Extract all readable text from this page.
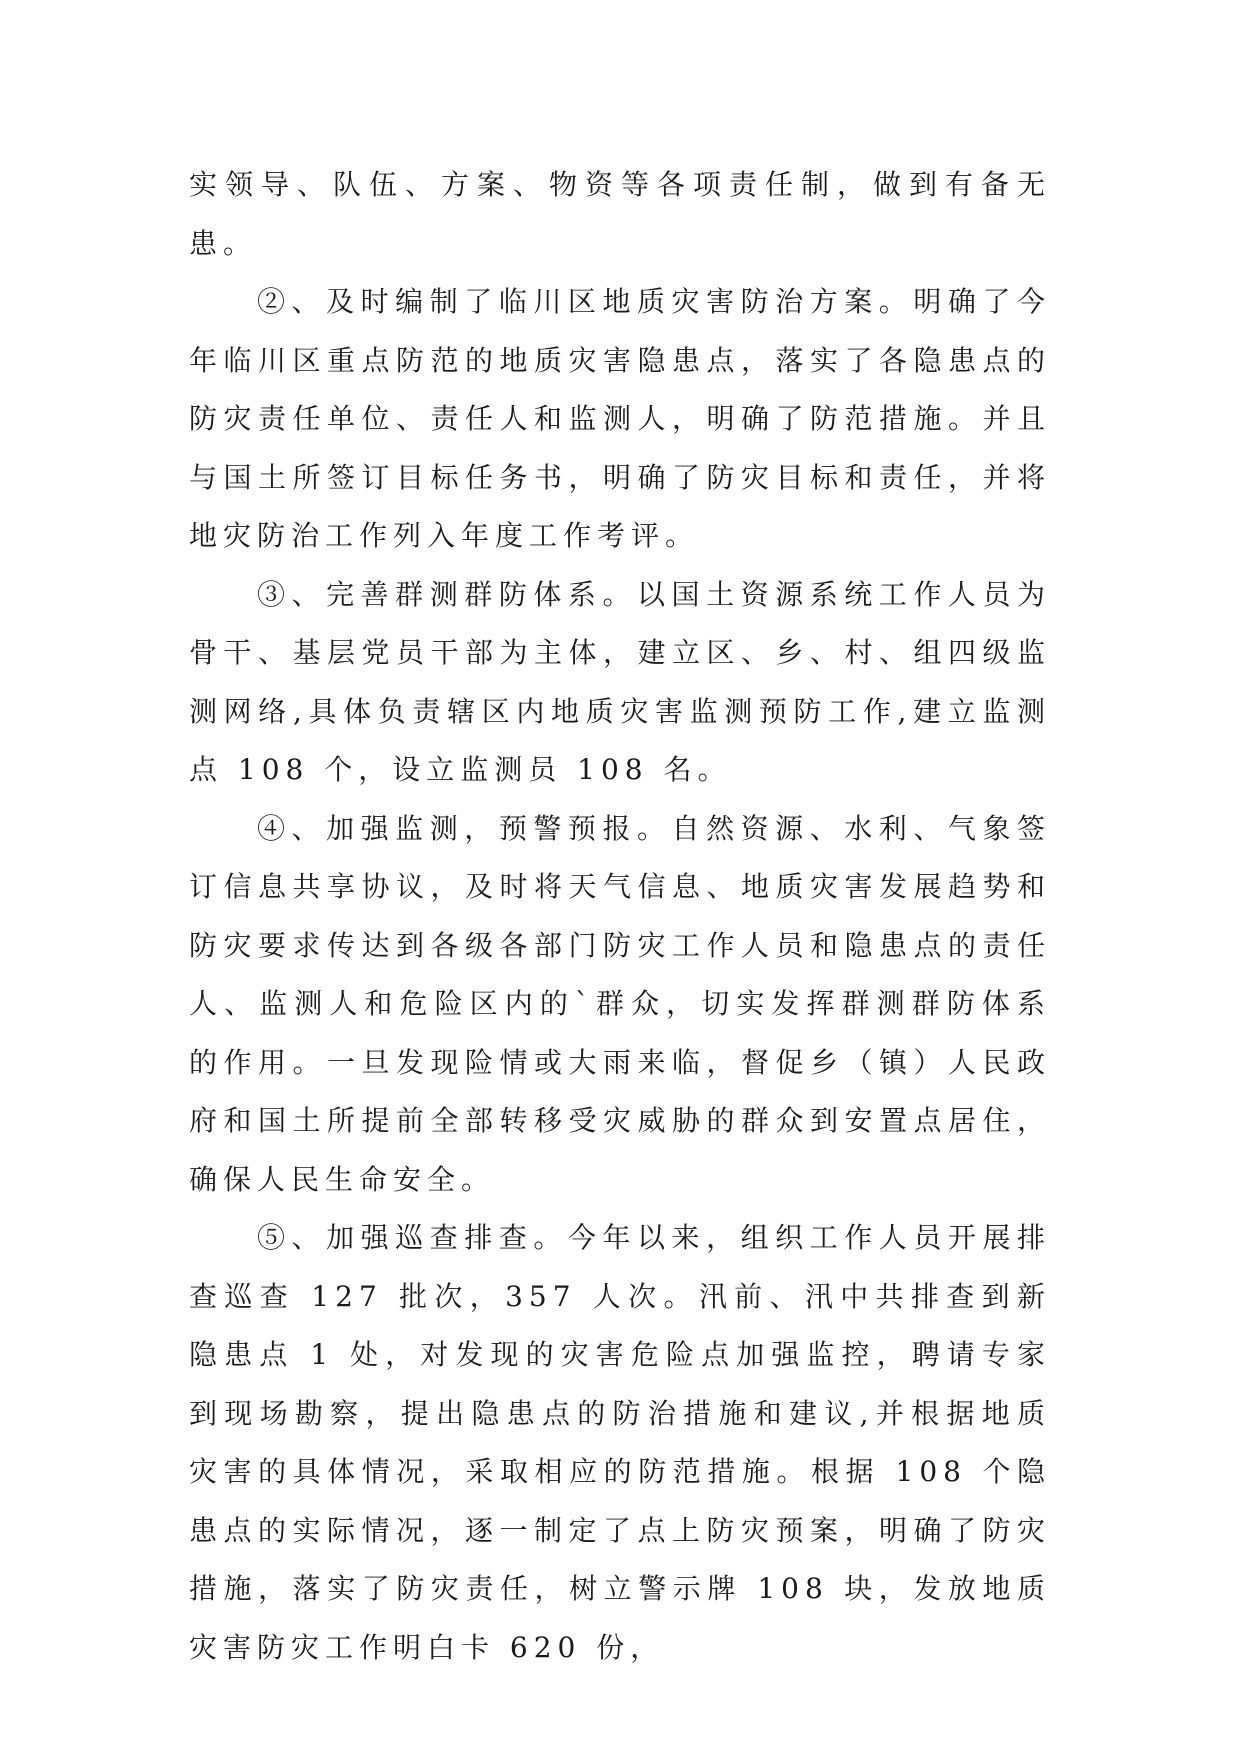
实领导、队伍、方案、物资等各项责任制，做到有备无患。

②、及时编制了临川区地质灾害防治方案。明确了今年临川区重点防范的地质灾害隐患点，落实了各隐患点的防灾责任单位、责任人和监测人，明确了防范措施。并且与国土所签订目标任务书，明确了防灾目标和责任，并将地灾防治工作列入年度工作考评。

③、完善群测群防体系。以国土资源系统工作人员为骨干、基层党员干部为主体，建立区、乡、村、组四级监测网络,具体负责辖区内地质灾害监测预防工作,建立监测点 108 个，设立监测员 108 名。

④、加强监测，预警预报。自然资源、水利、气象签订信息共享协议，及时将天气信息、地质灾害发展趋势和防灾要求传达到各级各部门防灾工作人员和隐患点的责任人、监测人和危险区内的`群众，切实发挥群测群防体系的作用。一旦发现险情或大雨来临，督促乡（镇）人民政府和国土所提前全部转移受灾威胁的群众到安置点居住，确保人民生命安全。

⑤、加强巡查排查。今年以来，组织工作人员开展排查巡查 127 批次，357 人次。汛前、汛中共排查到新隐患点 1 处，对发现的灾害危险点加强监控，聘请专家到现场勘察，提出隐患点的防治措施和建议,并根据地质灾害的具体情况，采取相应的防范措施。根据 108 个隐患点的实际情况，逐一制定了点上防灾预案，明确了防灾措施，落实了防灾责任，树立警示牌 108 块，发放地质灾害防灾工作明白卡 620 份，
